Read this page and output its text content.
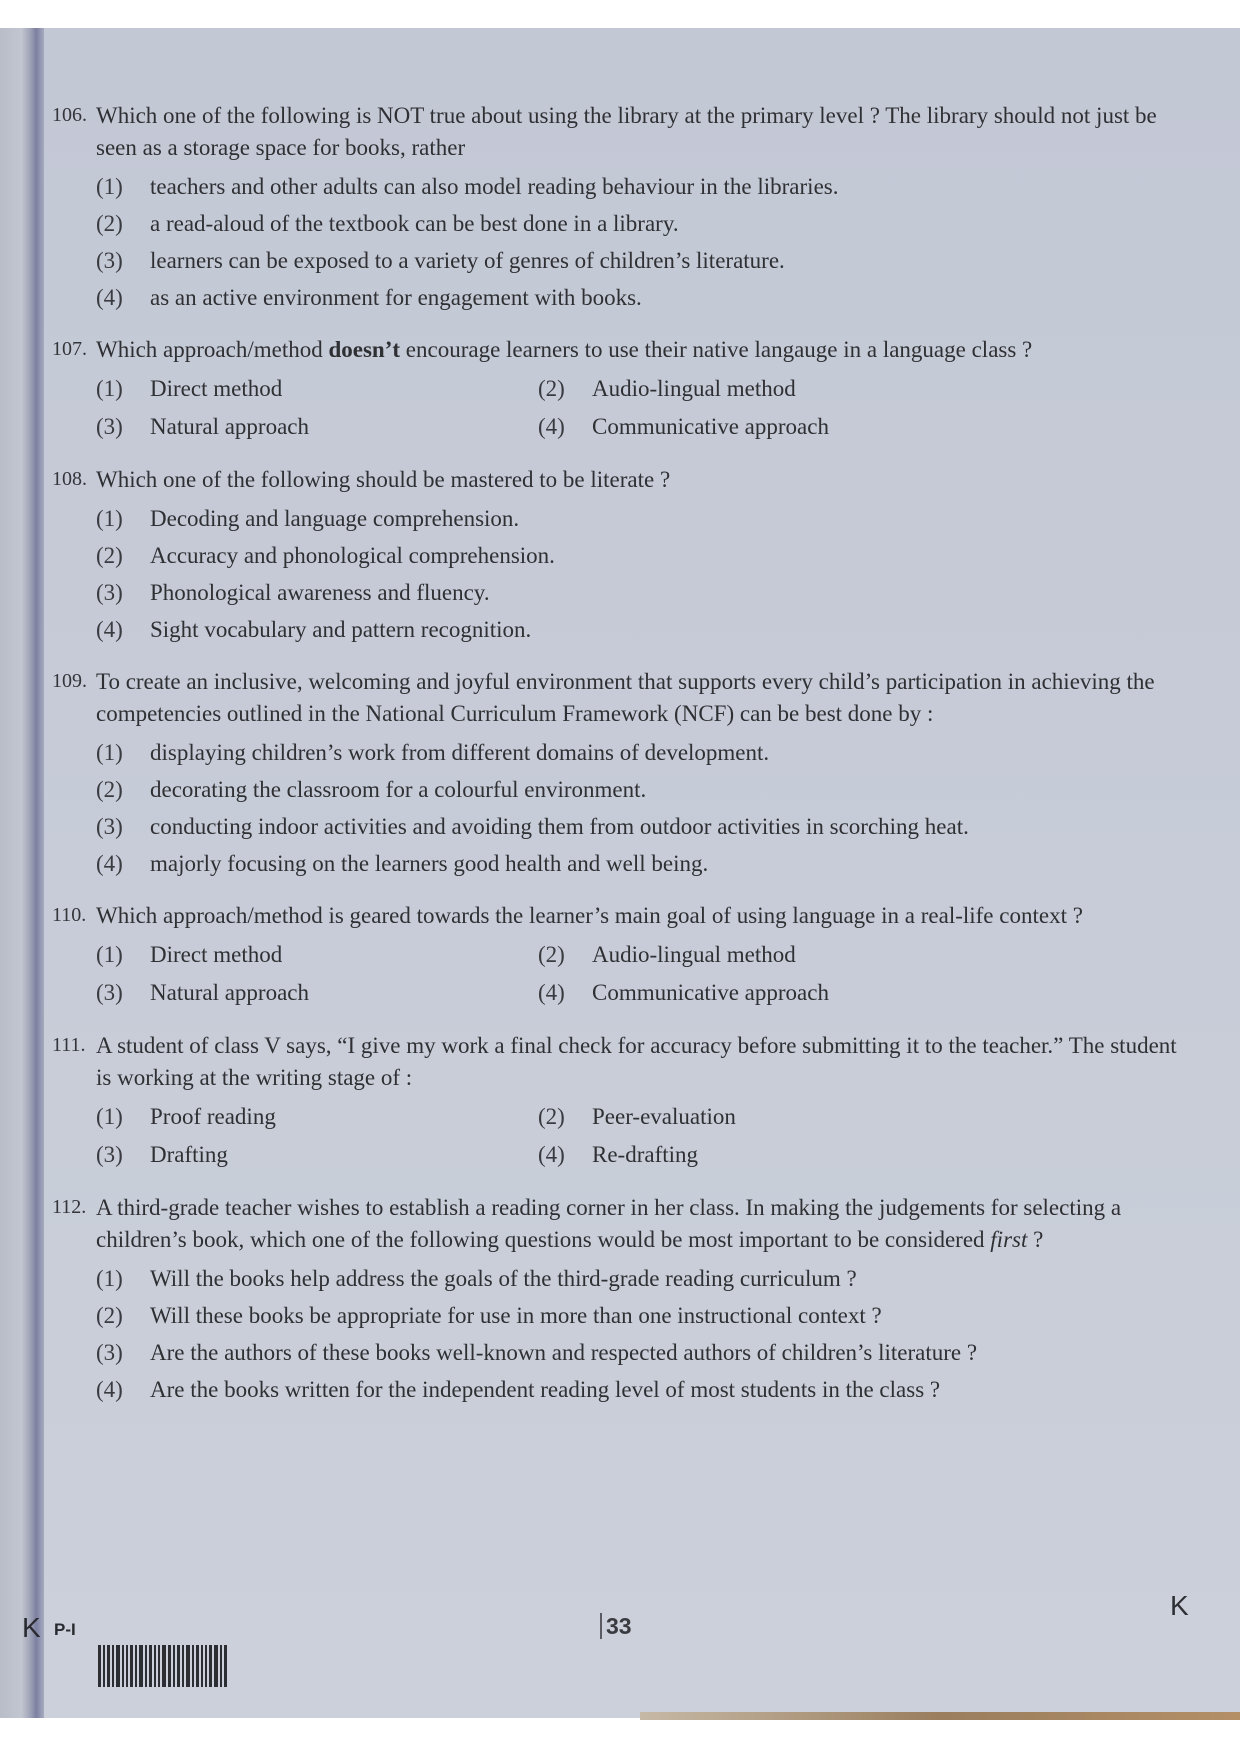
106. Which one of the following is NOT true about using the library at the primary level ? The library should not just be seen as a storage space for books, rather
(1)	teachers and other adults can also model reading behaviour in the libraries.
(2)	a read-aloud of the textbook can be best done in a library.
(3)	learners can be exposed to a variety of genres of children’s literature.
(4)	as an active environment for engagement with books.
107. Which approach/method doesn’t encourage learners to use their native langauge in a language class ?
(1)	Direct method	(2)	Audio-lingual method
(3)	Natural approach	(4)	Communicative approach
108. Which one of the following should be mastered to be literate ?
(1)	Decoding and language comprehension.
(2)	Accuracy and phonological comprehension.
(3)	Phonological awareness and fluency.
(4)	Sight vocabulary and pattern recognition.
109. To create an inclusive, welcoming and joyful environment that supports every child’s participation in achieving the competencies outlined in the National Curriculum Framework (NCF) can be best done by :
(1)	displaying children’s work from different domains of development.
(2)	decorating the classroom for a colourful environment.
(3)	conducting indoor activities and avoiding them from outdoor activities in scorching heat.
(4)	majorly focusing on the learners good health and well being.
110. Which approach/method is geared towards the learner’s main goal of using language in a real-life context ?
(1)	Direct method	(2)	Audio-lingual method
(3)	Natural approach	(4)	Communicative approach
111. A student of class V says, “I give my work a final check for accuracy before submitting it to the teacher.” The student is working at the writing stage of :
(1)	Proof reading	(2)	Peer-evaluation
(3)	Drafting	(4)	Re-drafting
112. A third-grade teacher wishes to establish a reading corner in her class. In making the judgements for selecting a children’s book, which one of the following questions would be most important to be considered first ?
(1)	Will the books help address the goals of the third-grade reading curriculum ?
(2)	Will these books be appropriate for use in more than one instructional context ?
(3)	Are the authors of these books well-known and respected authors of children’s literature ?
(4)	Are the books written for the independent reading level of most students in the class ?
K P-I	33
K
